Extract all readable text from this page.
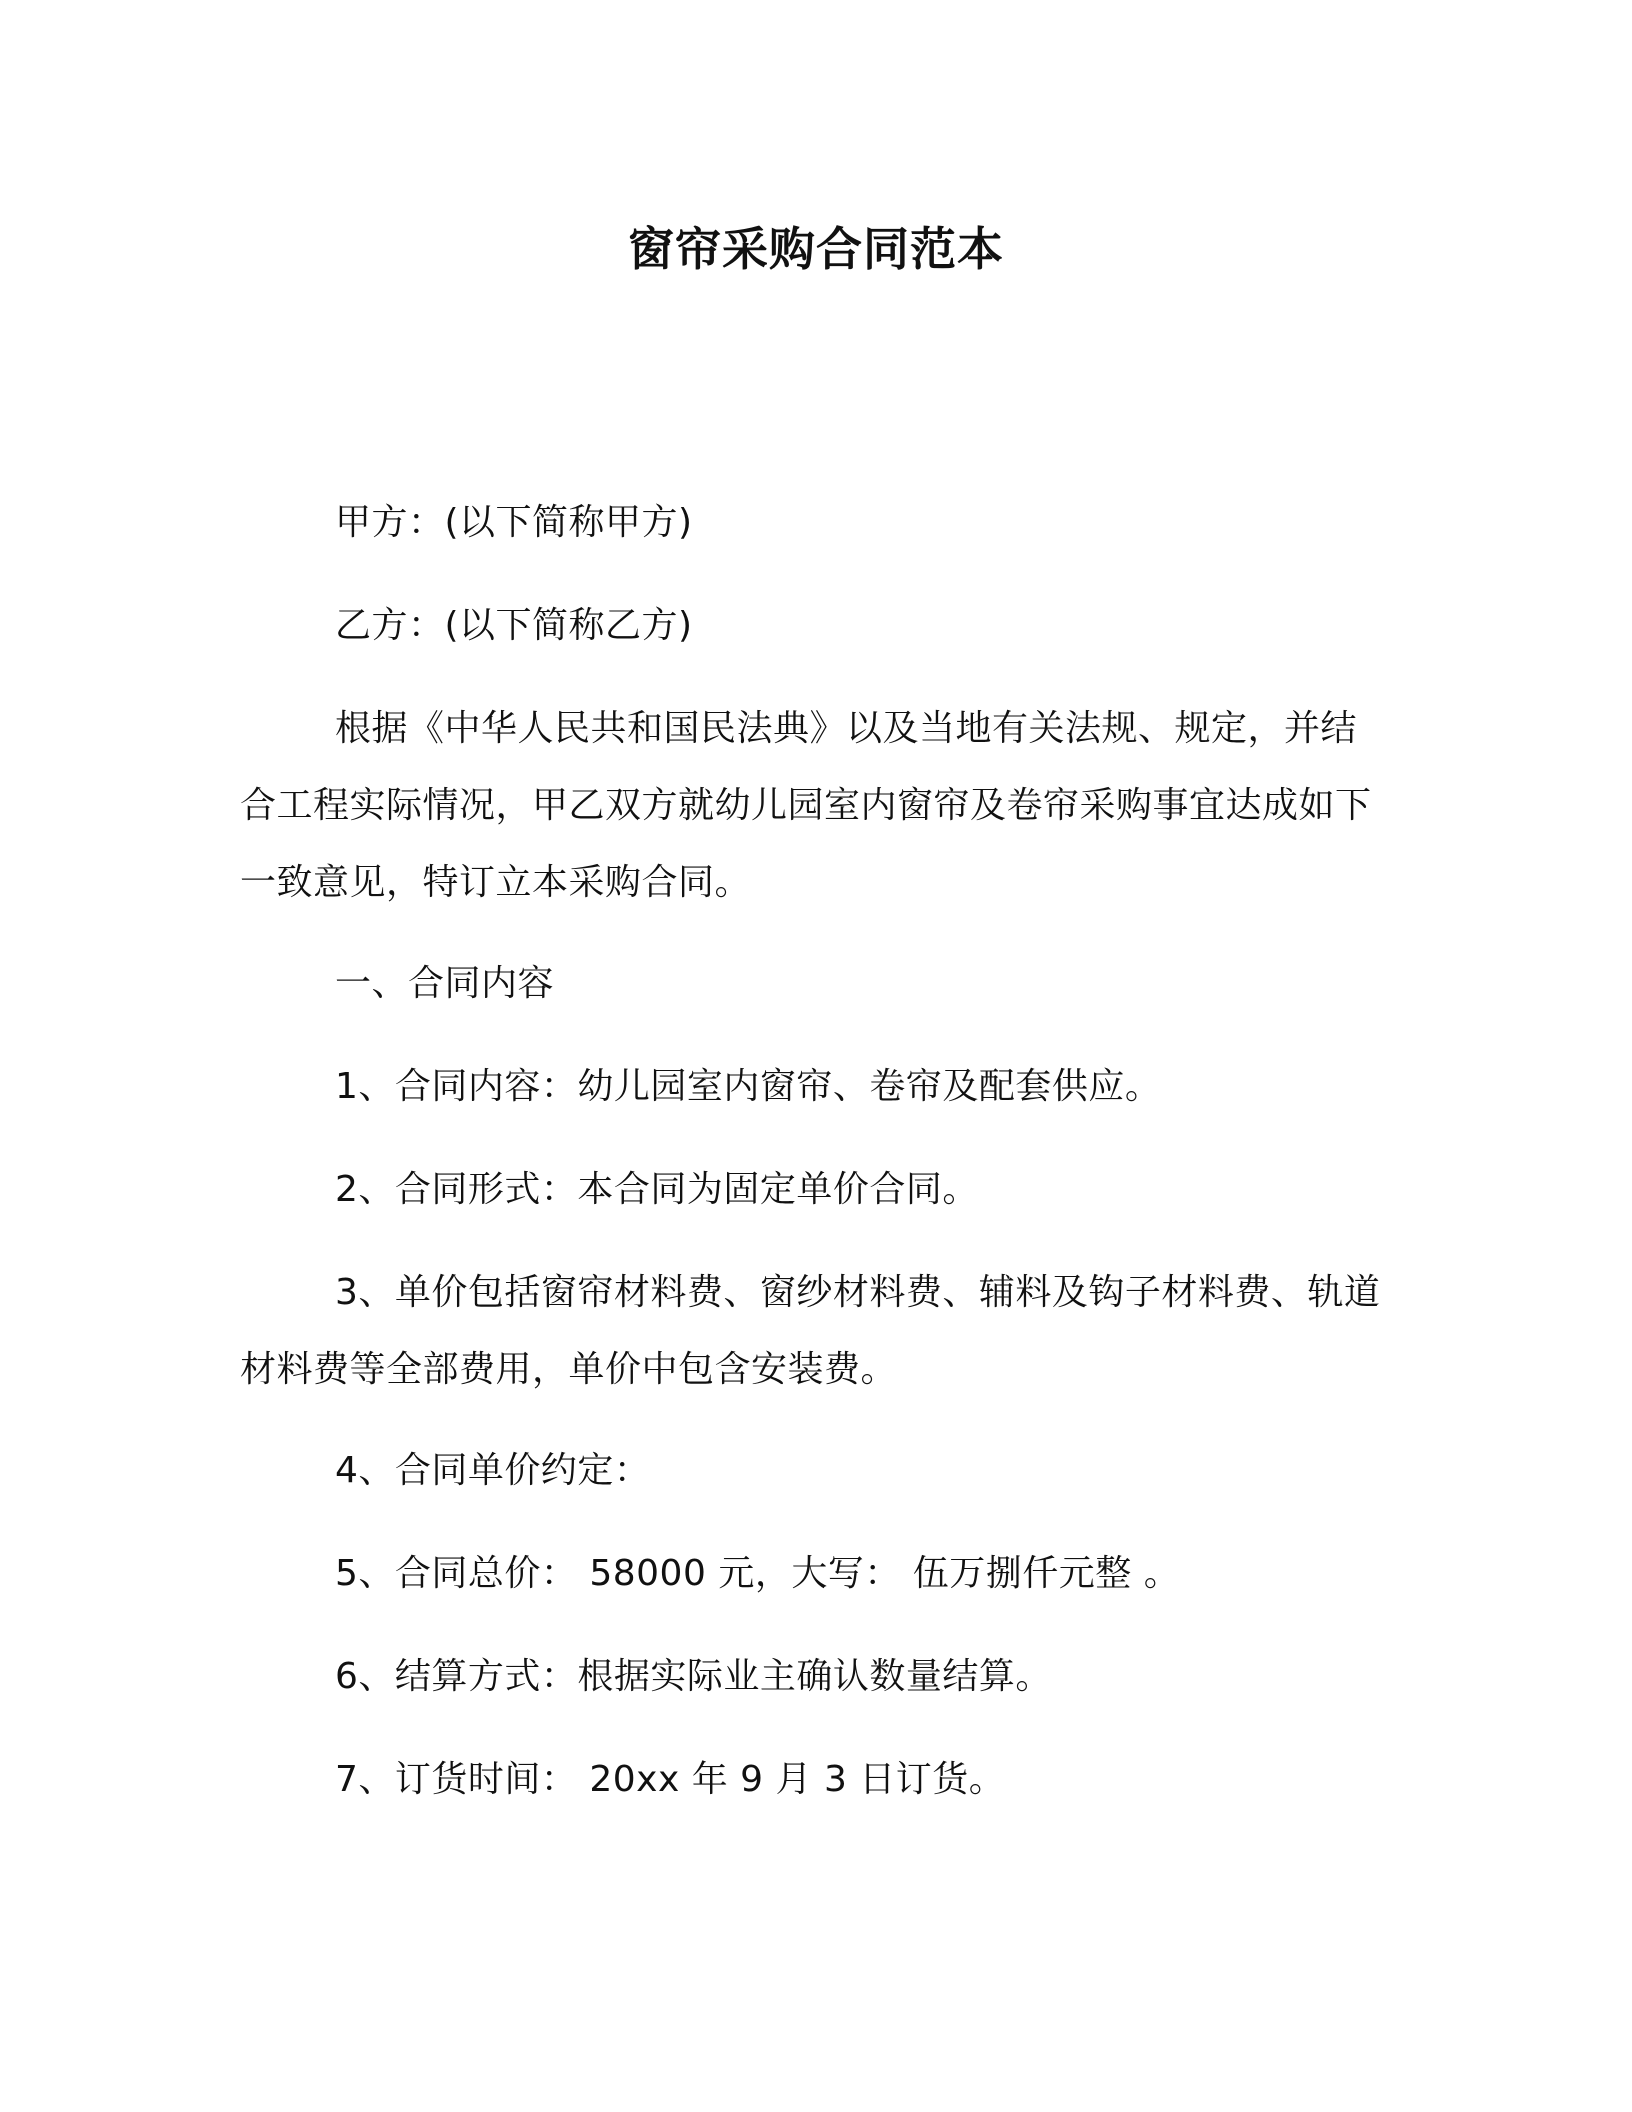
窗帘采购合同范本
甲方：(以下简称甲方)
乙方：(以下简称乙方)
根据《中华人民共和国民法典》以及当地有关法规、规定，并结合工程实际情况，甲乙双方就幼儿园室内窗帘及卷帘采购事宜达成如下一致意见，特订立本采购合同。
一、合同内容
1、合同内容：幼儿园室内窗帘、卷帘及配套供应。
2、合同形式：本合同为固定单价合同。
3、单价包括窗帘材料费、窗纱材料费、辅料及钩子材料费、轨道材料费等全部费用，单价中包含安装费。
4、合同单价约定：
5、合同总价： 58000 元，大写： 伍万捌仟元整 。
6、结算方式：根据实际业主确认数量结算。
7、订货时间： 20xx 年 9 月 3 日订货。
